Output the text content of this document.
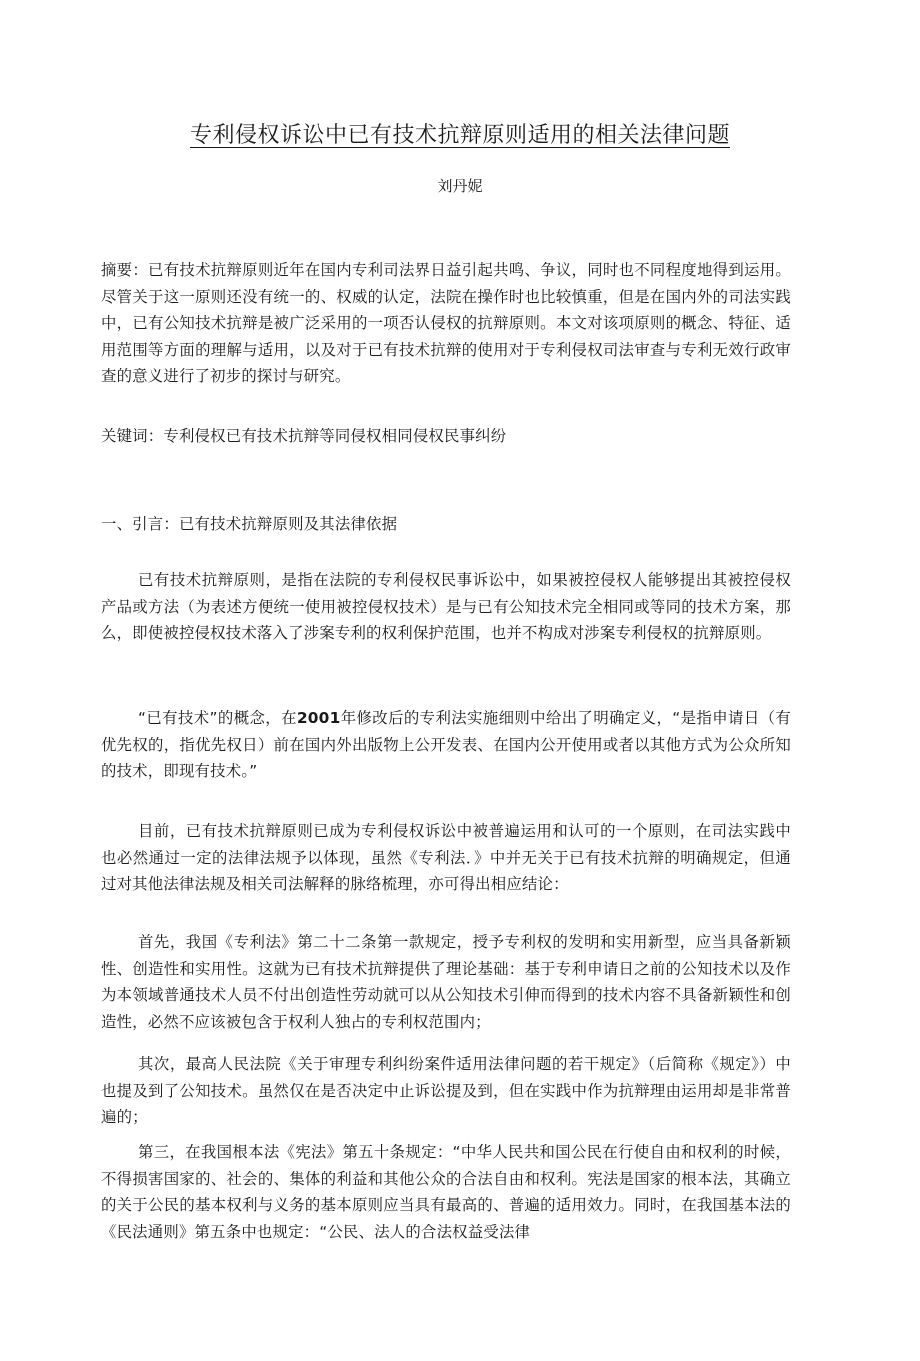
专利侵权诉讼中已有技术抗辩原则适用的相关法律问题
刘丹妮
摘要：已有技术抗辩原则近年在国内专利司法界日益引起共鸣、争议，同时也不同程度地得到运用。尽管关于这一原则还没有统一的、权威的认定，法院在操作时也比较慎重，但是在国内外的司法实践中，已有公知技术抗辩是被广泛采用的一项否认侵权的抗辩原则。本文对该项原则的概念、特征、适用范围等方面的理解与适用，以及对于已有技术抗辩的使用对于专利侵权司法审查与专利无效行政审查的意义进行了初步的探讨与研究。
关键词：专利侵权已有技术抗辩等同侵权相同侵权民事纠纷
一、引言：已有技术抗辩原则及其法律依据
已有技术抗辩原则，是指在法院的专利侵权民事诉讼中，如果被控侵权人能够提出其被控侵权产品或方法（为表述方便统一使用被控侵权技术）是与已有公知技术完全相同或等同的技术方案，那么，即使被控侵权技术落入了涉案专利的权利保护范围，也并不构成对涉案专利侵权的抗辩原则。
“已有技术”的概念，在2001年修改后的专利法实施细则中给出了明确定义，“是指申请日（有优先权的，指优先权日）前在国内外出版物上公开发表、在国内公开使用或者以其他方式为公众所知的技术，即现有技术。”
目前，已有技术抗辩原则已成为专利侵权诉讼中被普遍运用和认可的一个原则，在司法实践中也必然通过一定的法律法规予以体现，虽然《专利法．》中并无关于已有技术抗辩的明确规定，但通过对其他法律法规及相关司法解释的脉络梳理，亦可得出相应结论：
首先，我国《专利法》第二十二条第一款规定，授予专利权的发明和实用新型，应当具备新颖性、创造性和实用性。这就为已有技术抗辩提供了理论基础：基于专利申请日之前的公知技术以及作为本领域普通技术人员不付出创造性劳动就可以从公知技术引伸而得到的技术内容不具备新颖性和创造性，必然不应该被包含于权利人独占的专利权范围内；
其次，最高人民法院《关于审理专利纠纷案件适用法律问题的若干规定》（后简称《规定》）中也提及到了公知技术。虽然仅在是否决定中止诉讼提及到，但在实践中作为抗辩理由运用却是非常普遍的；
第三，在我国根本法《宪法》第五十条规定：“中华人民共和国公民在行使自由和权利的时候，不得损害国家的、社会的、集体的利益和其他公众的合法自由和权利。宪法是国家的根本法，其确立的关于公民的基本权利与义务的基本原则应当具有最高的、普遍的适用效力。同时，在我国基本法的《民法通则》第五条中也规定：“公民、法人的合法权益受法律
